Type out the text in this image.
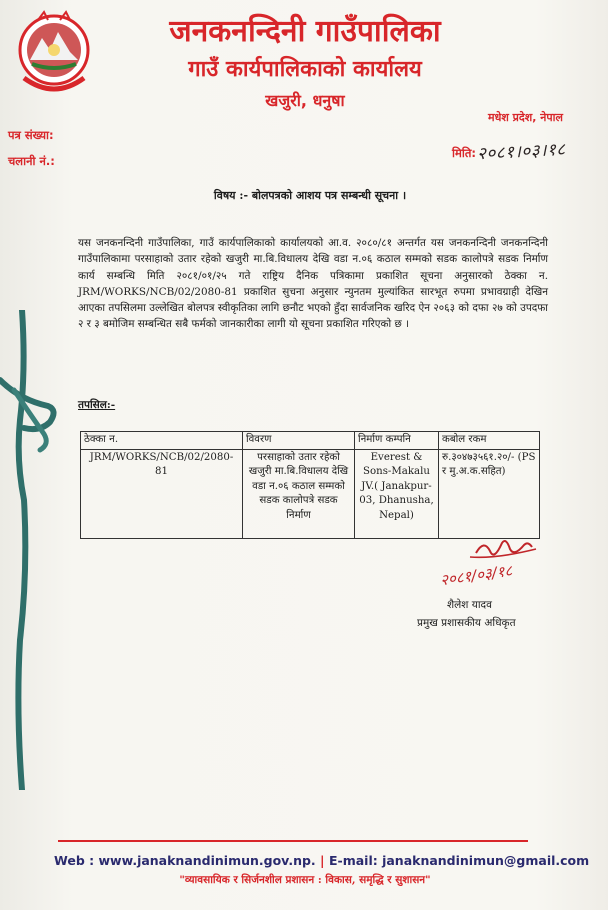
जनकनन्दिनी गाउँपालिका
गाउँ कार्यपालिकाको कार्यालय
खजुरी, धनुषा
मधेश प्रदेश, नेपाल
पत्र संख्या:
चलानी नं.:
मिति: २०८१।०३।१८
विषय :- बोलपत्रको आशय पत्र सम्बन्धी सूचना ।
यस जनकनन्दिनी गाउँपालिका, गाउँ कार्यपालिकाको कार्यालयको आ.व. २०८०/८१ अन्तर्गत यस जनकनन्दिनी जनकनन्दिनी गाउँपालिकामा परसाहाको उतार रहेको खजुरी मा.बि.विधालय देखि वडा न.०६ कठाल सम्मको सडक कालोपत्रे सडक निर्माण कार्य सम्बन्धि मिति २०८१/०१/२५ गते राष्ट्रिय दैनिक पत्रिकामा प्रकाशित सूचना अनुसारको ठेक्का न. JRM/WORKS/NCB/02/2080-81 प्रकाशित सुचना अनुसार न्युनतम मुल्यांकित सारभूत रुपमा प्रभावग्राही देखिन आएका तपसिलमा उल्लेखित बोलपत्र स्वीकृतिका लागि छनौट भएको हुँदा सार्वजनिक खरिद ऐन २०६३ को दफा २७ को उपदफा २ र ३ बमोजिम सम्बन्धित सबै फर्मको जानकारीका लागी यो सूचना प्रकाशित गरिएको छ ।
तपसिल:-
ठेक्का न.	विवरण	निर्माण कम्पनि	कबोल रकम
JRM/WORKS/NCB/02/2080-81	परसाहाको उतार रहेको खजुरी मा.बि.विधालय देखि वडा न.०६ कठाल सम्मको सडक कालोपत्रे सडक निर्माण	Everest & Sons-Makalu JV.( Janakpur-03, Dhanusha, Nepal)	रु.३०४७३५६१.२०/- (PS र मु.अ.क.सहित)
२०८१/०३/१८
शैलेश यादव
प्रमुख प्रशासकीय अधिकृत
Web : www.janaknandinimun.gov.np. | E-mail: janaknandinimun@gmail.com
"व्यावसायिक र सिर्जनशील प्रशासन : विकास, समृद्धि र सुशासन"
